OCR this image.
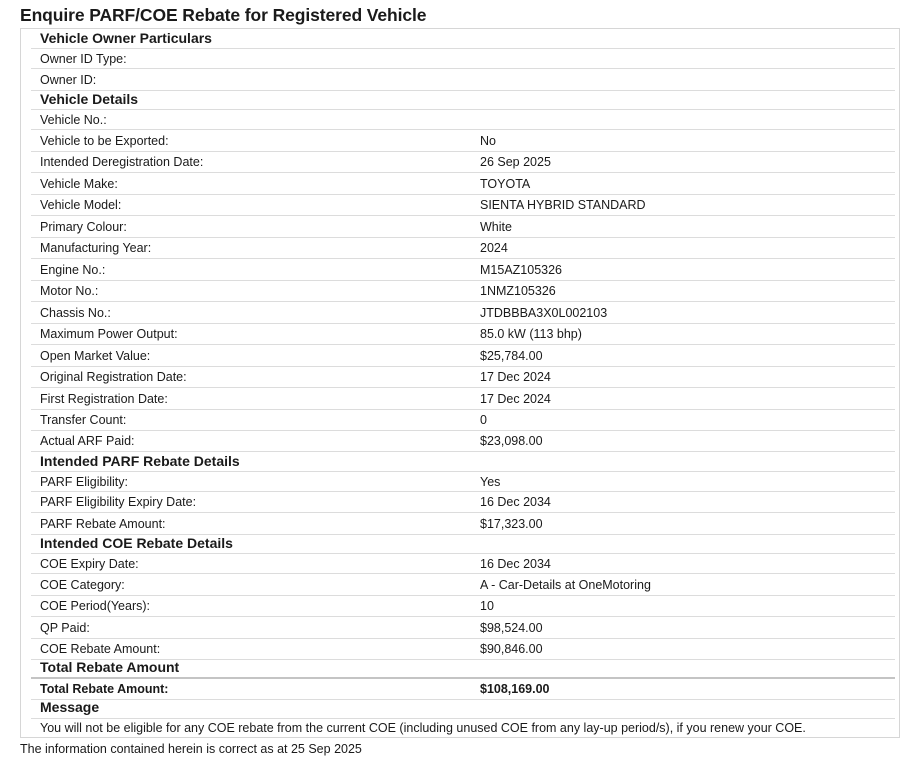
Enquire PARF/COE Rebate for Registered Vehicle
Vehicle Owner Particulars
Owner ID Type:
Owner ID:
Vehicle Details
Vehicle No.:
Vehicle to be Exported:	No
Intended Deregistration Date:	26 Sep 2025
Vehicle Make:	TOYOTA
Vehicle Model:	SIENTA HYBRID STANDARD
Primary Colour:	White
Manufacturing Year:	2024
Engine No.:	M15AZ105326
Motor No.:	1NMZ105326
Chassis No.:	JTDBBBA3X0L002103
Maximum Power Output:	85.0 kW (113 bhp)
Open Market Value:	$25,784.00
Original Registration Date:	17 Dec 2024
First Registration Date:	17 Dec 2024
Transfer Count:	0
Actual ARF Paid:	$23,098.00
Intended PARF Rebate Details
PARF Eligibility:	Yes
PARF Eligibility Expiry Date:	16 Dec 2034
PARF Rebate Amount:	$17,323.00
Intended COE Rebate Details
COE Expiry Date:	16 Dec 2034
COE Category:	A - Car-Details at OneMotoring
COE Period(Years):	10
QP Paid:	$98,524.00
COE Rebate Amount:	$90,846.00
Total Rebate Amount
Total Rebate Amount:	$108,169.00
Message
You will not be eligible for any COE rebate from the current COE (including unused COE from any lay-up period/s), if you renew your COE.
The information contained herein is correct as at 25 Sep 2025
